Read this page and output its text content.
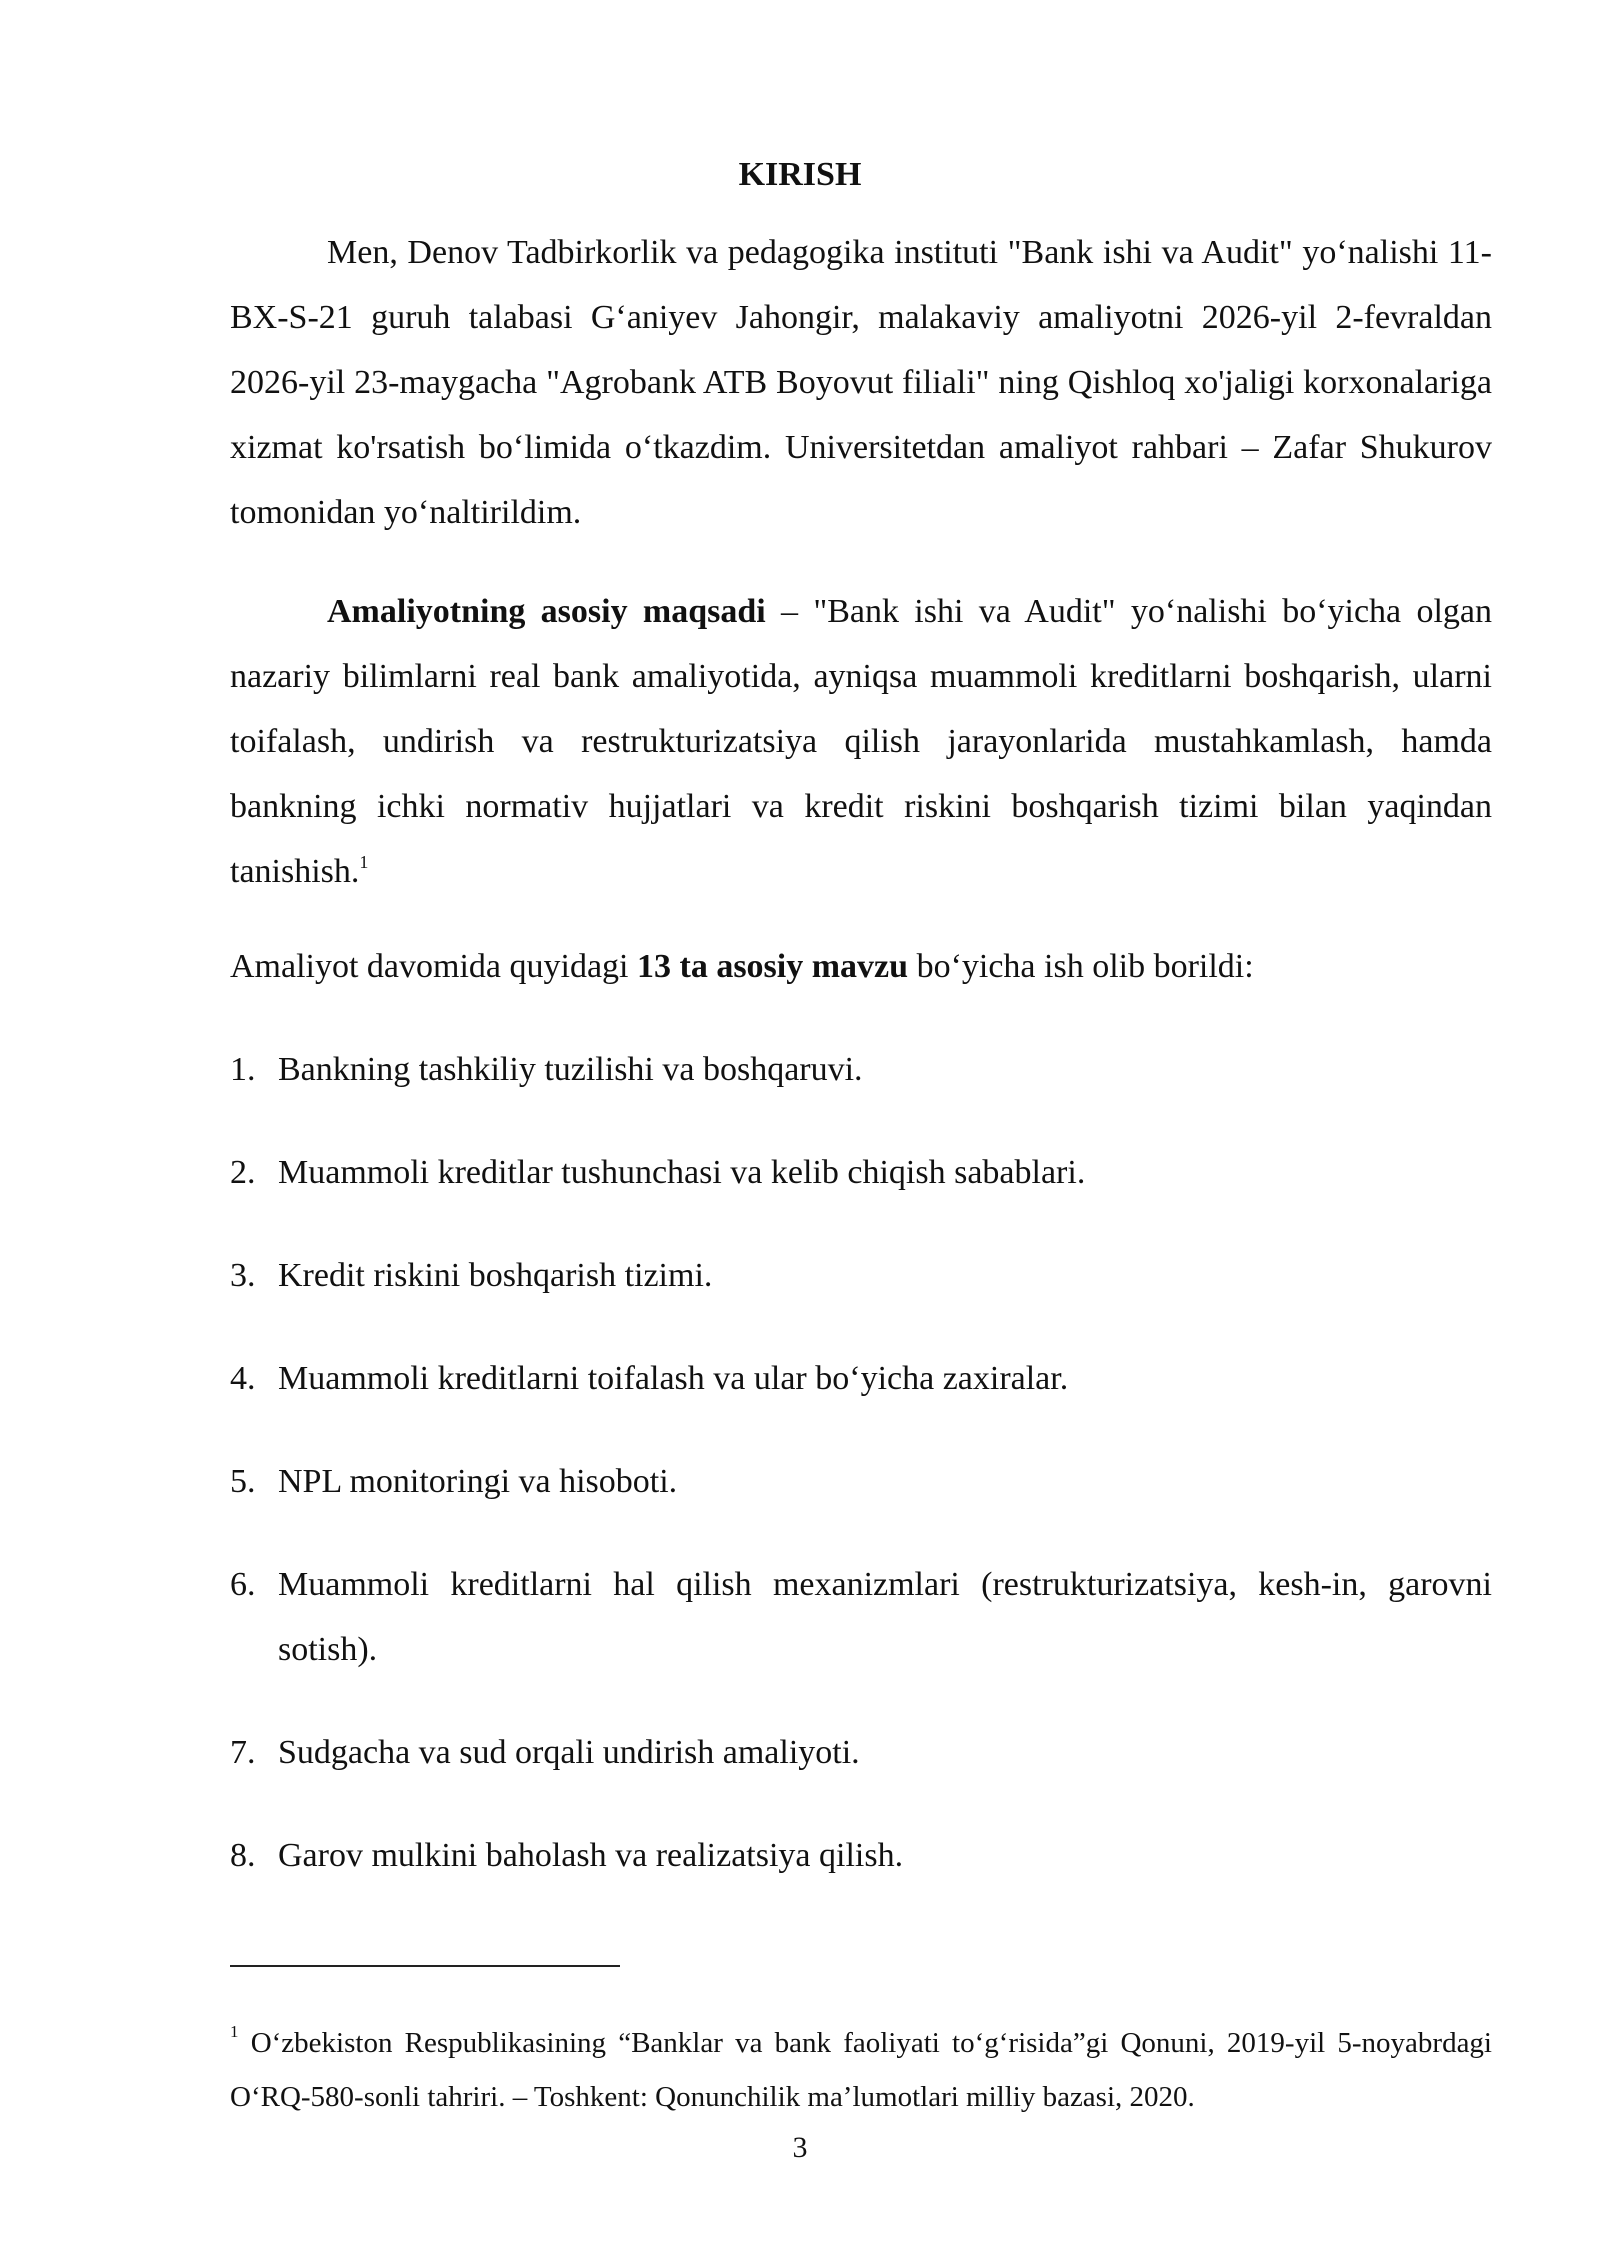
KIRISH

Men, Denov Tadbirkorlik va pedagogika instituti "Bank ishi va Audit" yo‘nalishi 11-BX-S-21 guruh talabasi G‘aniyev Jahongir, malakaviy amaliyotni 2026-yil 2-fevraldan 2026-yil 23-maygacha "Agrobank ATB Boyovut filiali" ning Qishloq xo'jaligi korxonalariga xizmat ko'rsatish bo‘limida o‘tkazdim. Universitetdan amaliyot rahbari – Zafar Shukurov tomonidan yo‘naltirildim.

Amaliyotning asosiy maqsadi – "Bank ishi va Audit" yo‘nalishi bo‘yicha olgan nazariy bilimlarni real bank amaliyotida, ayniqsa muammoli kreditlarni boshqarish, ularni toifalash, undirish va restrukturizatsiya qilish jarayonlarida mustahkamlash, hamda bankning ichki normativ hujjatlari va kredit riskini boshqarish tizimi bilan yaqindan tanishish.$^1$

Amaliyot davomida quyidagi 13 ta asosiy mavzu bo‘yicha ish olib borildi:

1. Bankning tashkiliy tuzilishi va boshqaruvi.
2. Muammoli kreditlar tushunchasi va kelib chiqish sabablari.
3. Kredit riskini boshqarish tizimi.
4. Muammoli kreditlarni toifalash va ular bo‘yicha zaxiralar.
5. NPL monitoringi va hisoboti.
6. Muammoli kreditlarni hal qilish mexanizmlari (restrukturizatsiya, kesh-in, garovni sotish).
7. Sudgacha va sud orqali undirish amaliyoti.
8. Garov mulkini baholash va realizatsiya qilish.

$^1$ O‘zbekiston Respublikasining “Banklar va bank faoliyati to‘g‘risida”gi Qonuni, 2019-yil 5-noyabrdagi O‘RQ-580-sonli tahriri. – Toshkent: Qonunchilik ma’lumotlari milliy bazasi, 2020.

3
